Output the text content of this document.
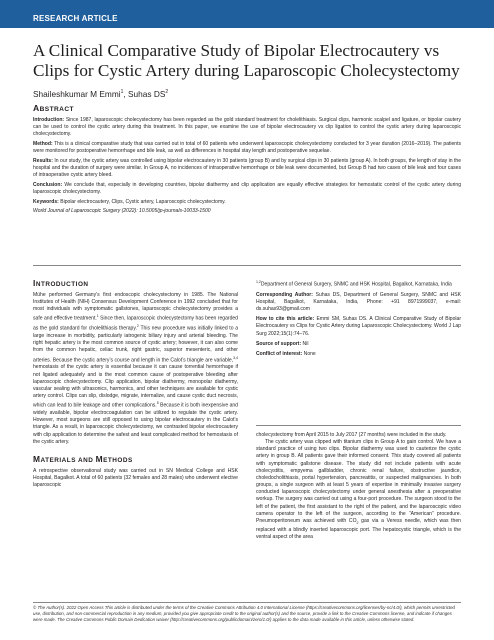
RESEARCH ARTICLE
A Clinical Comparative Study of Bipolar Electrocautery vs Clips for Cystic Artery during Laparoscopic Cholecystectomy
Shaileshkumar M Emmi$^1$, Suhas $DS^2$
ABSTRACT

Introduction: Since 1987, laparoscopic cholecystectomy has been regarded as the gold standard treatment for cholelithiasis. Surgical clips, harmonic scalpel and ligature, or bipolar cautery can be used to control the cystic artery during this treatment. In this paper, we examine the use of bipolar electrocautery vs clip ligation to control the cystic artery during laparoscopic cholecystectomy.

Method: This is a clinical comparative study that was carried out in total of 60 patients who underwent laparoscopic cholecystectomy conducted for 3 year duration (2016–2019). The patients were monitored for postoperative hemorrhage and bile leak, as well as differences in hospital stay length and postoperative sequelae.

Results: In our study, the cystic artery was controlled using bipolar electrocautery in 30 patients (group B) and by surgical clips in 30 patients (group A). In both groups, the length of stay in the hospital and the duration of surgery were similar. In Group A, no incidences of intraoperative hemorrhage or bile leak were documented, but Group B had two cases of bile leak and four cases of intraoperative cystic artery bleed.

Conclusion: We conclude that, especially in developing countries, bipolar diathermy and clip application are equally effective strategies for hemostatic control of the cystic artery during laparoscopic cholecystectomy.

Keywords: Bipolar electrocautery, Clips, Cystic artery, Laparoscopic cholecystectomy.

World Journal of Laparoscopic Surgery (2022): 10.5005/jp-journals-10033-1500

INTRODUCTION

Mühe performed Germany’s first endoscopic cholecystectomy in 1985. The National Institutes of Health (NIH) Consensus Development Conference in 1992 concluded that for most individuals with symptomatic gallstones, laparoscopic cholecystectomy provides a safe and effective treatment.$^1$ Since then, laparoscopic cholecystectomy has been regarded as the gold standard for cholelithiasis therapy.$^2$ This new procedure was initially linked to a large increase in morbidity, particularly iatrogenic biliary injury and arterial bleeding. The right hepatic artery is the most common source of cystic artery; however, it can also come from the common hepatic, celiac trunk, right gastric, superior mesenteric, and other arteries. Because the cystic artery’s course and length in the Calot’s triangle are variable,$^{3,4}$ hemostasis of the cystic artery is essential because it can cause torrential hemorrhage if not ligated adequately and is the most common cause of postoperative bleeding after laparoscopic cholecystectomy. Clip application, bipolar diathermy, monopolar diathermy, vascular sealing with ultrasonics, harmonics, and other techniques are available for cystic artery control. Clips can slip, dislodge, migrate, internalize, and cause cystic duct necrosis, which can lead to bile leakage and other complications.$^5$ Because it is both inexpensive and widely available, bipolar electrocoagulation can be utilized to regulate the cystic artery. However, most surgeons are still opposed to using bipolar electrocautery in the Calot’s triangle. As a result, in laparoscopic cholecystectomy, we contrasted bipolar electrocautery with clip application to determine the safest and least complicated method for hemostasis of the cystic artery.

MATERIALS AND METHODS

A retrospective observational study was carried out in SN Medical College and HSK Hospital, Bagalkot. A total of 60 patients (32 females and 28 males) who underwent elective laparoscopic

$^{1,2}$Department of General Surgery, SNMC and HSK Hospital, Bagalkot, Karnataka, India

Corresponding Author: Suhas DS, Department of General Surgery, SNMC and HSK Hospital, Bagalkot, Karnataka, India, Phone: +91 8971999037, e-mail: ds.suhas93@gmail.com

How to cite this article: Emmi SM, Suhas DS. A Clinical Comparative Study of Bipolar Electrocautery vs Clips for Cystic Artery during Laparoscopic Cholecystectomy. World J Lap Surg 2022;15(1):74–76.

Source of support: Nil

Conflict of interest: None

cholecystectomy from April 2015 to July 2017 (27 months) were included in the study.

The cystic artery was clipped with titanium clips in Group A to gain control. We have a standard practice of using two clips. Bipolar diathermy was used to cauterize the cystic artery in group B. All patients gave their informed consent. This study covered all patients with symptomatic gallstone disease. The study did not include patients with acute cholecystitis, empyema gallbladder, chronic renal failure, obstructive jaundice, choledocholithiasis, portal hypertension, pancreatitis, or suspected malignancies. In both groups, a single surgeon with at least 5 years of expertise in minimally invasive surgery conducted laparoscopic cholecystectomy under general anesthesia after a preoperative workup. The surgery was carried out using a four-port procedure. The surgeon stood to the left of the patient, the first assistant to the right of the patient, and the laparoscopic video camera operator to the left of the surgeon, according to the “American” procedure. Pneumoperitoneum was achieved with $CO_2$ gas via a Veress needle, which was then replaced with a blindly inserted laparoscopic port. The hepatocystic triangle, which is the ventral aspect of the area

© The Author(s). 2022 Open Access This article is distributed under the terms of the Creative Commons Attribution 4.0 International License (https://creativecommons.org/licenses/by-nc/4.0/), which permits unrestricted use, distribution, and non-commercial reproduction in any medium, provided you give appropriate credit to the original author(s) and the source, provide a link to the Creative Commons license, and indicate if changes were made. The Creative Commons Public Domain Dedication waiver (http://creativecommons.org/publicdomain/zero/1.0/) applies to the data made available in this article, unless otherwise stated.
